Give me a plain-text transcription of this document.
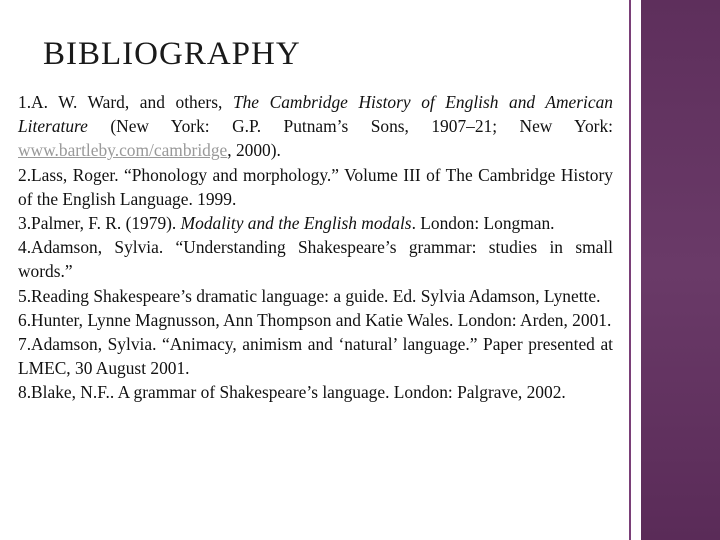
BIBLIOGRAPHY
1.A. W. Ward, and others, The Cambridge History of English and American Literature (New York: G.P. Putnam’s Sons, 1907–21; New York: www.bartleby.com/cambridge, 2000).
2.Lass, Roger. “Phonology and morphology.” Volume III of The Cambridge History of the English Language. 1999.
3.Palmer, F. R. (1979). Modality and the English modals. London: Longman.
4.Adamson, Sylvia. “Understanding Shakespeare’s grammar: studies in small words.”
5.Reading Shakespeare’s dramatic language: a guide. Ed. Sylvia Adamson, Lynette.
6.Hunter, Lynne Magnusson, Ann Thompson and Katie Wales. London: Arden, 2001.
7.Adamson, Sylvia. “Animacy, animism and ‘natural’ language.” Paper presented at LMEC, 30 August 2001.
8.Blake, N.F.. A grammar of Shakespeare’s language. London: Palgrave, 2002.
